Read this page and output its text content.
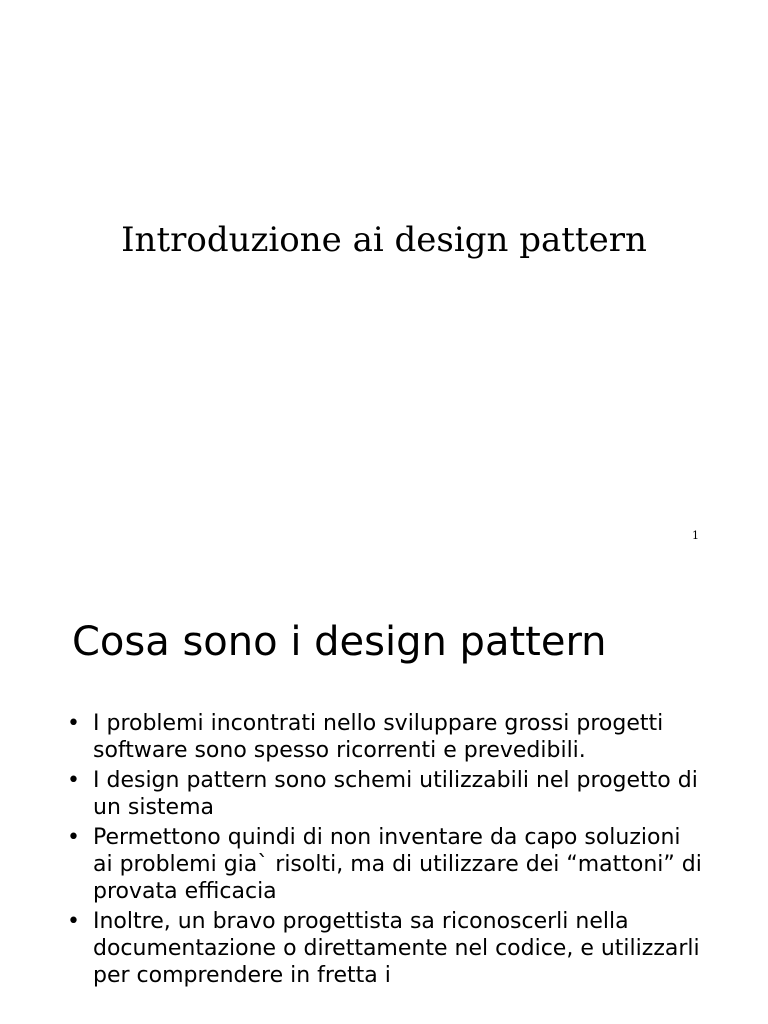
Introduzione ai design pattern
1
Cosa sono i design pattern
• I problemi incontrati nello sviluppare grossi progetti software sono spesso ricorrenti e prevedibili.
• I design pattern sono schemi utilizzabili nel progetto di un sistema
• Permettono quindi di non inventare da capo soluzioni ai problemi gia` risolti, ma di utilizzare dei “mattoni” di provata efficacia
• Inoltre, un bravo progettista sa riconoscerli nella documentazione o direttamente nel codice, e utilizzarli per comprendere in fretta i
